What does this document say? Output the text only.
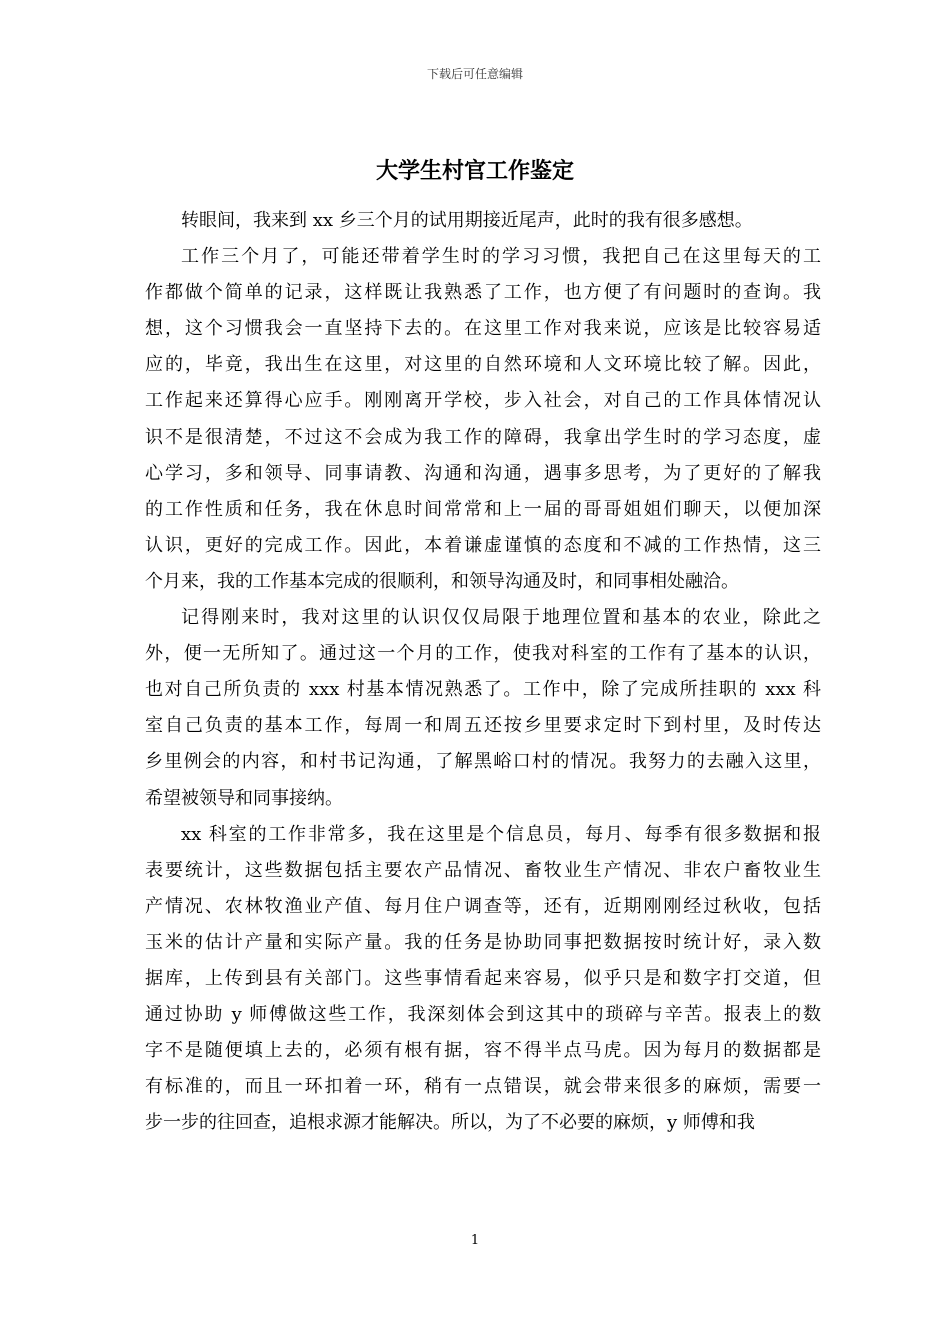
下载后可任意编辑
大学生村官工作鉴定

转眼间，我来到 xx 乡三个月的试用期接近尾声，此时的我有很多感想。

工作三个月了，可能还带着学生时的学习习惯，我把自己在这里每天的工
作都做个简单的记录，这样既让我熟悉了工作，也方便了有问题时的查询。我
想，这个习惯我会一直坚持下去的。在这里工作对我来说，应该是比较容易适
应的，毕竟，我出生在这里，对这里的自然环境和人文环境比较了解。因此，
工作起来还算得心应手。刚刚离开学校，步入社会，对自己的工作具体情况认
识不是很清楚，不过这不会成为我工作的障碍，我拿出学生时的学习态度，虚
心学习，多和领导、同事请教、沟通和沟通，遇事多思考，为了更好的了解我
的工作性质和任务，我在休息时间常常和上一届的哥哥姐姐们聊天，以便加深
认识，更好的完成工作。因此，本着谦虚谨慎的态度和不减的工作热情，这三
个月来，我的工作基本完成的很顺利，和领导沟通及时，和同事相处融洽。

记得刚来时，我对这里的认识仅仅局限于地理位置和基本的农业，除此之
外，便一无所知了。通过这一个月的工作，使我对科室的工作有了基本的认识，
也对自己所负责的 xxx 村基本情况熟悉了。工作中，除了完成所挂职的 xxx 科
室自己负责的基本工作，每周一和周五还按乡里要求定时下到村里，及时传达
乡里例会的内容，和村书记沟通，了解黑峪口村的情况。我努力的去融入这里，
希望被领导和同事接纳。

xx 科室的工作非常多，我在这里是个信息员，每月、每季有很多数据和报
表要统计，这些数据包括主要农产品情况、畜牧业生产情况、非农户畜牧业生
产情况、农林牧渔业产值、每月住户调查等，还有，近期刚刚经过秋收，包括
玉米的估计产量和实际产量。我的任务是协助同事把数据按时统计好，录入数
据库，上传到县有关部门。这些事情看起来容易，似乎只是和数字打交道，但
通过协助 y 师傅做这些工作，我深刻体会到这其中的琐碎与辛苦。报表上的数
字不是随便填上去的，必须有根有据，容不得半点马虎。因为每月的数据都是
有标准的，而且一环扣着一环，稍有一点错误，就会带来很多的麻烦，需要一
步一步的往回查，追根求源才能解决。所以，为了不必要的麻烦，y 师傅和我

1
